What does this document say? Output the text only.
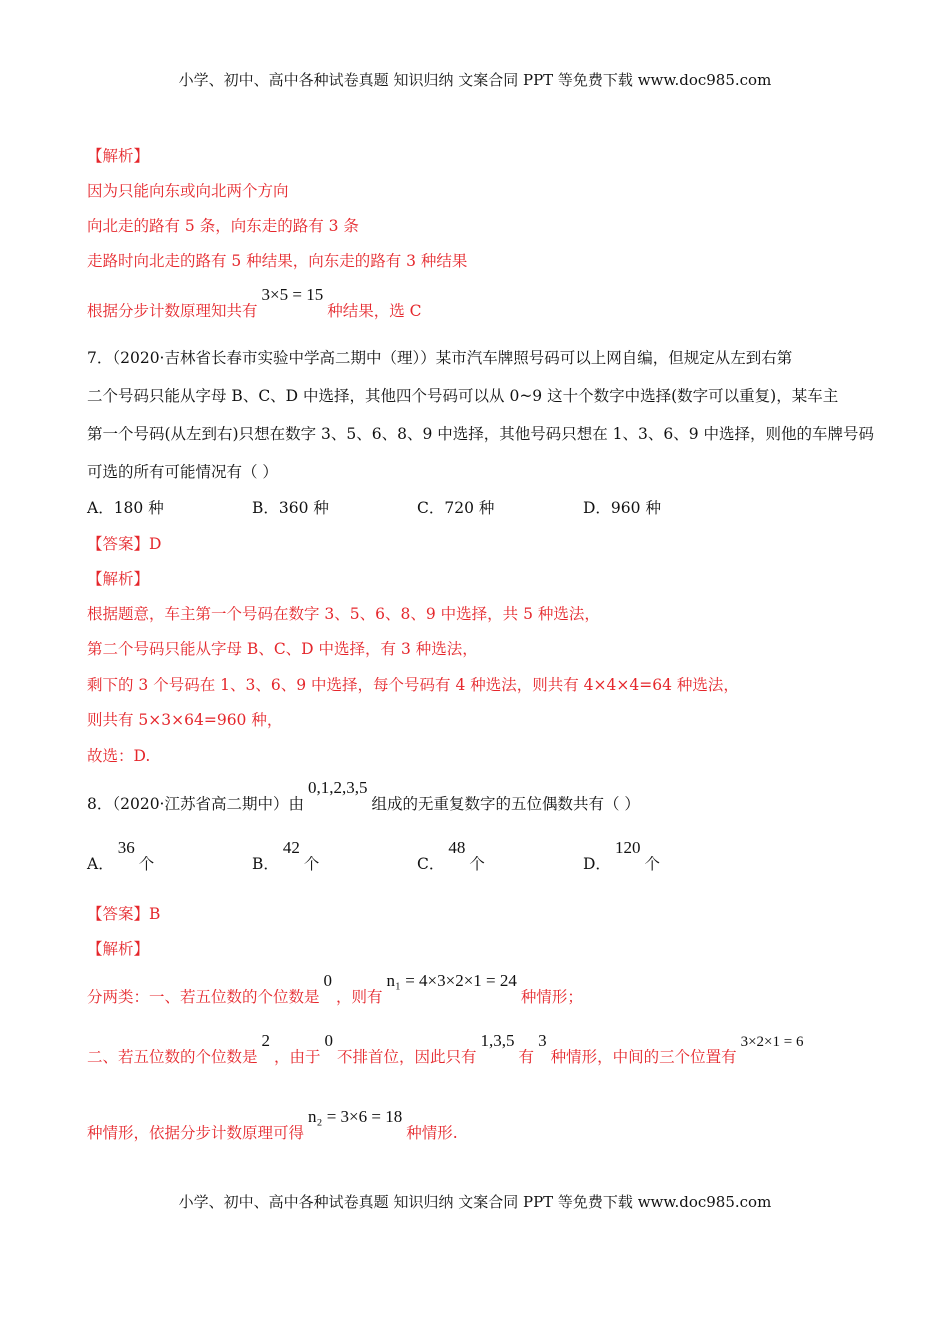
小学、初中、高中各种试卷真题 知识归纳 文案合同 PPT 等免费下载 www.doc985.com
【解析】
因为只能向东或向北两个方向
向北走的路有 5 条，向东走的路有 3 条
走路时向北走的路有 5 种结果，向东走的路有 3 种结果
根据分步计数原理知共有3×5 = 15种结果，选 C
7．（2020·吉林省长春市实验中学高二期中（理））某市汽车牌照号码可以上网自编，但规定从左到右第
二个号码只能从字母 B、C、D 中选择，其他四个号码可以从 0~9 这十个数字中选择(数字可以重复)，某车主
第一个号码(从左到右)只想在数字 3、5、6、8、9 中选择，其他号码只想在 1、3、6、9 中选择，则他的车牌号码
可选的所有可能情况有（ ）
A．180 种	B．360 种	C．720 种	D．960 种
【答案】D
【解析】
根据题意，车主第一个号码在数字 3、5、6、8、9 中选择，共 5 种选法，
第二个号码只能从字母 B、C、D 中选择，有 3 种选法，
剩下的 3 个号码在 1、3、6、9 中选择，每个号码有 4 种选法，则共有 4×4×4=64 种选法，
则共有 5×3×64=960 种，
故选：D.
8．（2020·江苏省高二期中）由0,1,2,3,5组成的无重复数字的五位偶数共有（ ）
A．36个	B．42个	C．48个	D．120个
【答案】B
【解析】
分两类：一、若五位数的个位数是0，则有n₁ = 4×3×2×1 = 24种情形；
二、若五位数的个位数是2，由于0不排首位，因此只有1,3,5有3种情形，中间的三个位置有3×2×1 = 6
种情形，依据分步计数原理可得n₂ = 3×6 = 18种情形.
小学、初中、高中各种试卷真题 知识归纳 文案合同 PPT 等免费下载 www.doc985.com
